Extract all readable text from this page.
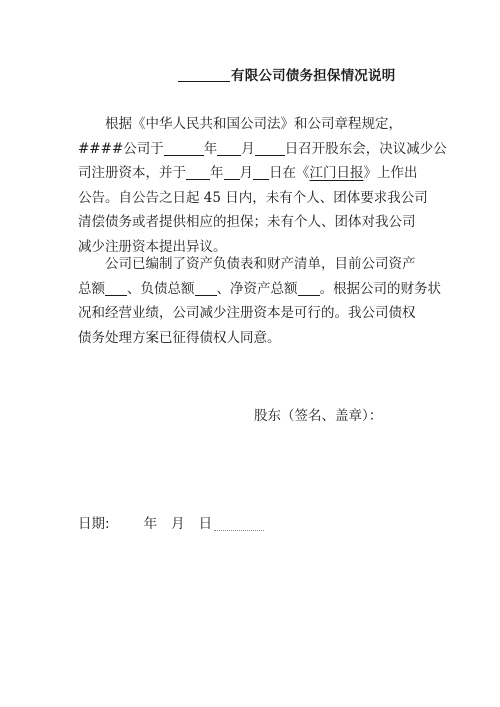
有限公司债务担保情况说明
根据《中华人民共和国公司法》和公司章程规定，
####公司于	年 月 日召开股东会，决议减少公
司注册资本，并于 年 月 日在《江门日报》上作出
公告。自公告之日起 45 日内，未有个人、团体要求我公司
清偿债务或者提供相应的担保；未有个人、团体对我公司
减少注册资本提出异议。
公司已编制了资产负债表和财产清单，目前公司资产
总额 、负债总额 、净资产总额 。根据公司的财务状
况和经营业绩，公司减少注册资本是可行的。我公司债权
债务处理方案已征得债权人同意。
股东（签名、盖章）：
日期:	年 月 日
